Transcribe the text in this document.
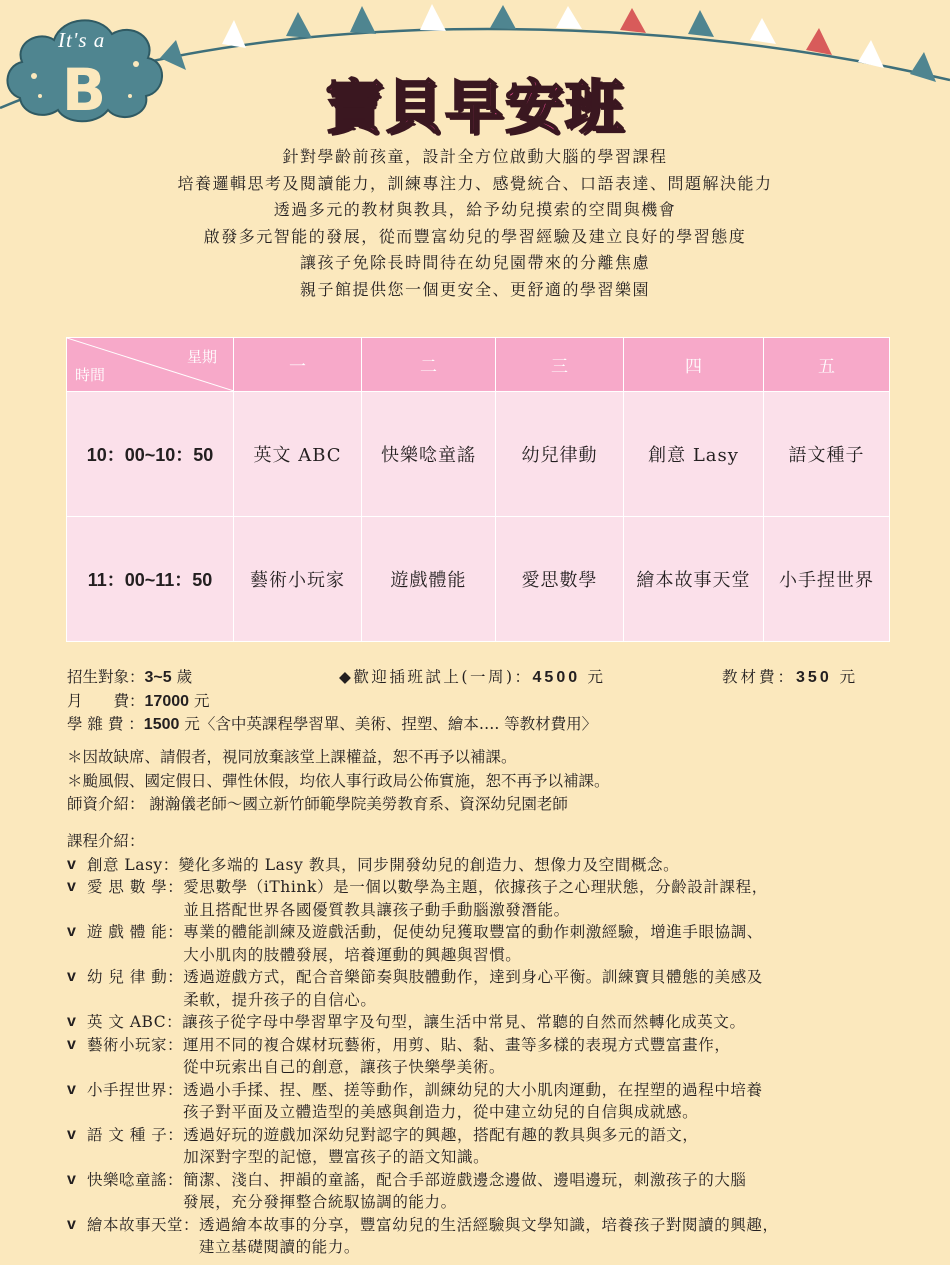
B
It's a
寶貝早安班
針對學齡前孩童，設計全方位啟動大腦的學習課程
培養邏輯思考及閱讀能力，訓練專注力、感覺統合、口語表達、問題解決能力
透過多元的教材與教具，給予幼兒摸索的空間與機會
啟發多元智能的發展，從而豐富幼兒的學習經驗及建立良好的學習態度
讓孩子免除長時間待在幼兒園帶來的分離焦慮
親子館提供您一個更安全、更舒適的學習樂園
星期
時間	一	二	三	四	五
10：00~10：50	英文 ABC	快樂唸童謠	幼兒律動	創意 Lasy	語文種子
11：00~11：50	藝術小玩家	遊戲體能	愛思數學	繪本故事天堂	小手捏世界
招生對象：3~5 歲	◆歡迎插班試上(一周)：4500 元	教材費：350 元
月　　費：17000 元
學 雜 費 ：1500 元〈含中英課程學習單、美術、捏塑、繪本…. 等教材費用〉
＊因故缺席、請假者，視同放棄該堂上課權益，恕不再予以補課。
＊颱風假、國定假日、彈性休假，均依人事行政局公佈實施，恕不再予以補課。
師資介紹： 謝瀚儀老師～國立新竹師範學院美勞教育系、資深幼兒園老師
課程介紹：
v 創意 Lasy ： 變化多端的 Lasy 教具，同步開發幼兒的創造力、想像力及空間概念。
v 愛 思 數 學 ： 愛思數學（iThink）是一個以數學為主題，依據孩子之心理狀態，分齡設計課程，
並且搭配世界各國優質教具讓孩子動手動腦激發潛能。
v 遊 戲 體 能 ： 專業的體能訓練及遊戲活動，促使幼兒獲取豐富的動作刺激經驗，增進手眼協調、
大小肌肉的肢體發展，培養運動的興趣與習慣。
v 幼 兒 律 動 ： 透過遊戲方式，配合音樂節奏與肢體動作，達到身心平衡。訓練寶貝體態的美感及
柔軟，提升孩子的自信心。
v 英 文 ABC ： 讓孩子從字母中學習單字及句型，讓生活中常見、常聽的自然而然轉化成英文。
v 藝術小玩家 ： 運用不同的複合媒材玩藝術，用剪、貼、黏、畫等多樣的表現方式豐富畫作，
從中玩索出自己的創意，讓孩子快樂學美術。
v 小手捏世界 ： 透過小手揉、捏、壓、搓等動作，訓練幼兒的大小肌肉運動，在捏塑的過程中培養
孩子對平面及立體造型的美感與創造力，從中建立幼兒的自信與成就感。
v 語 文 種 子 ： 透過好玩的遊戲加深幼兒對認字的興趣，搭配有趣的教具與多元的語文，
加深對字型的記憶，豐富孩子的語文知識。
v 快樂唸童謠 ： 簡潔、淺白、押韻的童謠，配合手部遊戲邊念邊做、邊唱邊玩，刺激孩子的大腦
發展，充分發揮整合統馭協調的能力。
v 繪本故事天堂 ： 透過繪本故事的分享，豐富幼兒的生活經驗與文學知識，培養孩子對閱讀的興趣，
建立基礎閱讀的能力。
